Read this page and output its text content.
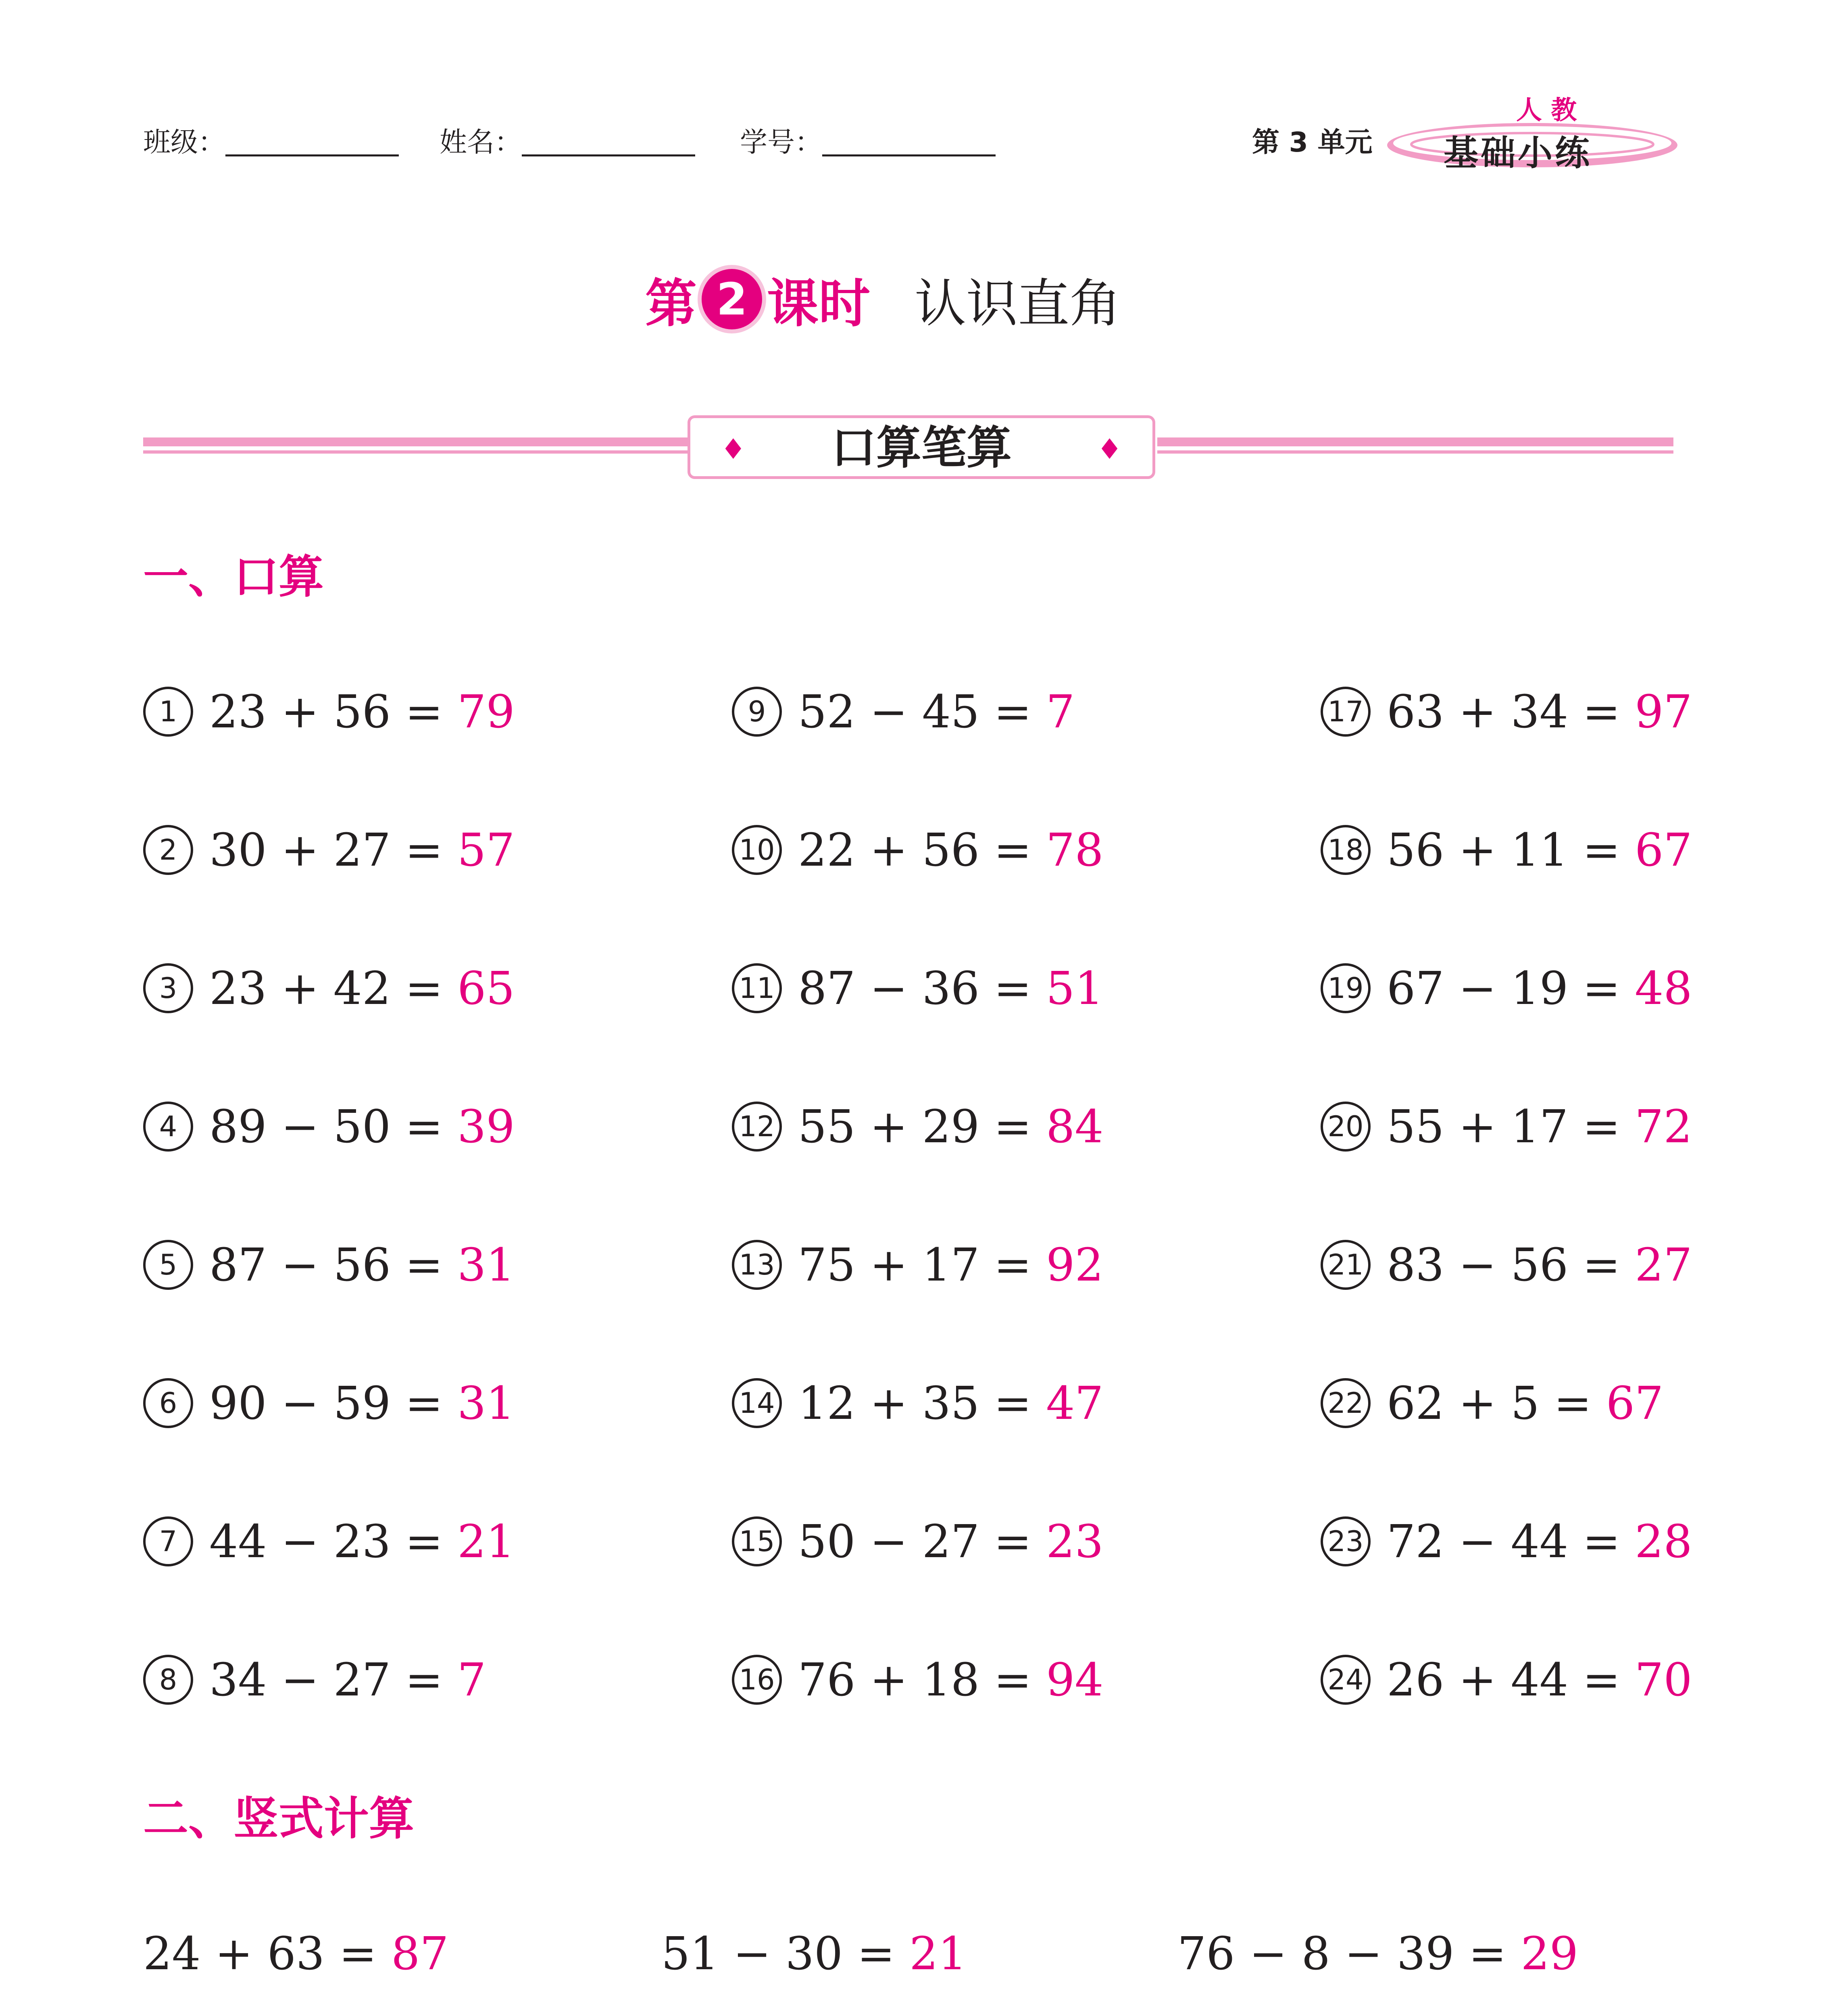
班级：	姓名：	学号：	第 3 单元
人 教
基础小练
第 2 课时 认识直角
♦	口算笔算	♦
一、口算
1 23 + 56 = 79
2 30 + 27 = 57
3 23 + 42 = 65
4 89 − 50 = 39
5 87 − 56 = 31
6 90 − 59 = 31
7 44 − 23 = 21
8 34 − 27 = 7
9 52 − 45 = 7
10 22 + 56 = 78
11 87 − 36 = 51
12 55 + 29 = 84
13 75 + 17 = 92
14 12 + 35 = 47
15 50 − 27 = 23
16 76 + 18 = 94
17 63 + 34 = 97
18 56 + 11 = 67
19 67 − 19 = 48
20 55 + 17 = 72
21 83 − 56 = 27
22 62 + 5 = 67
23 72 − 44 = 28
24 26 + 44 = 70
二、竖式计算
24 + 63 = 87	51 − 30 = 21	76 − 8 − 39 = 29
